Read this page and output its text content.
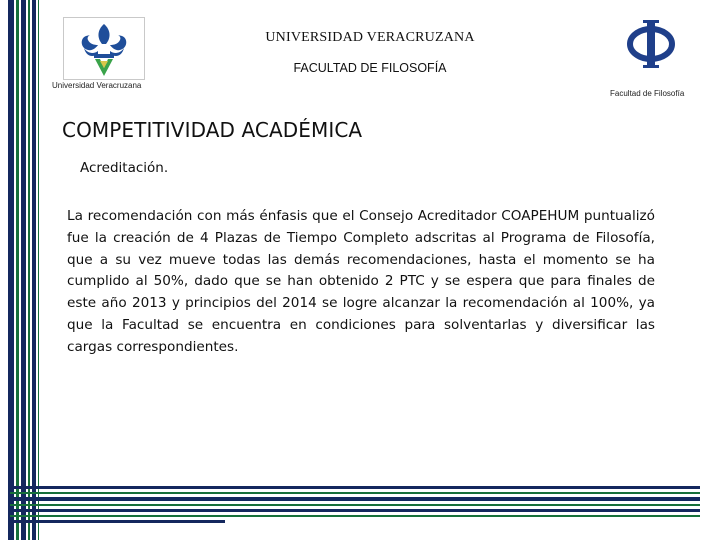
Universidad Veracruzana
Facultad de Filosofía
UNIVERSIDAD VERACRUZANA
FACULTAD DE FILOSOFÍA
COMPETITIVIDAD ACADÉMICA
Acreditación.
La recomendación con más énfasis que el Consejo Acreditador COAPEHUM puntualizó fue la creación de 4 Plazas de Tiempo Completo adscritas al Programa de Filosofía, que a su vez mueve todas las demás recomendaciones, hasta el momento se ha cumplido al 50%, dado que se han obtenido 2 PTC y se espera que para finales de este año 2013 y principios del 2014 se logre alcanzar la recomendación al 100%, ya que la Facultad se encuentra en condiciones para solventarlas y diversificar las cargas correspondientes.
